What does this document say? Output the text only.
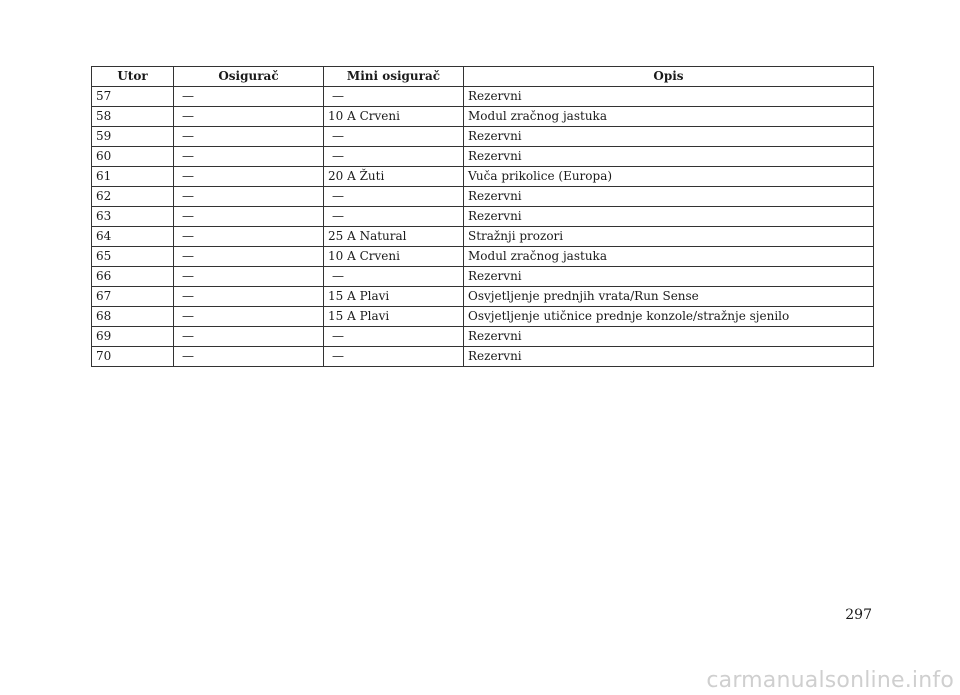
Utor	Osigurač	Mini osigurač	Opis
57	—	—	Rezervni
58	—	10 A Crveni	Modul zračnog jastuka
59	—	—	Rezervni
60	—	—	Rezervni
61	—	20 A Žuti	Vuča prikolice (Europa)
62	—	—	Rezervni
63	—	—	Rezervni
64	—	25 A Natural	Stražnji prozori
65	—	10 A Crveni	Modul zračnog jastuka
66	—	—	Rezervni
67	—	15 A Plavi	Osvjetljenje prednjih vrata/Run Sense
68	—	15 A Plavi	Osvjetljenje utičnice prednje konzole/stražnje sjenilo
69	—	—	Rezervni
70	—	—	Rezervni
297
carmanualsonline.info
